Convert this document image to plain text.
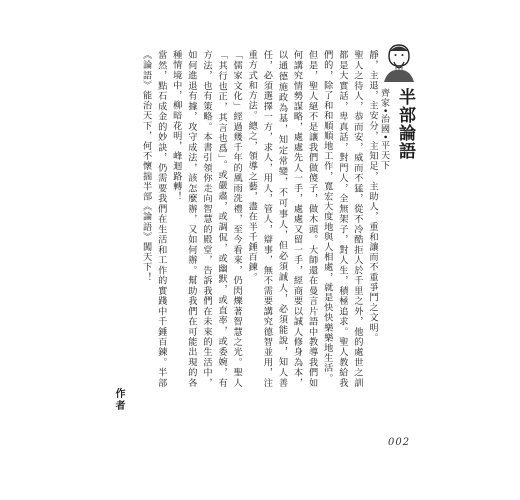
半部論語
齊家•治國•平天下

靜，主退，主安分，主知足，主助人，重和讓而不重爭鬥之文明。

聖人之待人，恭而安，威而不猛，從不冷酷拒人於千里之外，他的處世之訓都是大實話，卑真話，對門人，全無架子，對人生，積極追求。聖人教給我們的，除了和和順順地工作，寬宏大度地與人相處，就是快快樂樂地生活。

但是，聖人絕不是讓我們做傻子，做木頭。大師還在曼言片語中教導我們如何講究情勢謀略，處處先人一手，處處又留一手，經商要以誠人修身為本，以通德施政為基，知定常變，不可事人，但必須誠人，必須能說，知人善任，必須選擇一方，求人，用人，管人，辯事，無不需要講究德智並用，注重方式和方法。總之，領導之藝，盡在半千錘百鍊。

「儒家文化」經過幾千年的風雨洗禮，至今看來，仍閃爍著智慧之光。聖人「其行也正，其言也爲」。或嚴肅，或調侃，或幽默，或直率，或委婉，有方法，也有策略。本書引領你走向智慧的殿堂，告訴我們在未來的生活中，如何進退有據，攻守成法，該怎麼辦，又如何辦。幫助我們在可能出現的各種情境中，柳暗花明，峰迴路轉！

當然，點石成金的妙訣，仍需要我們在生活和工作的實踐中千錘百鍊。半部《論語》能治天下，何不懷揣半部《論語》闖天下！

作者
002
